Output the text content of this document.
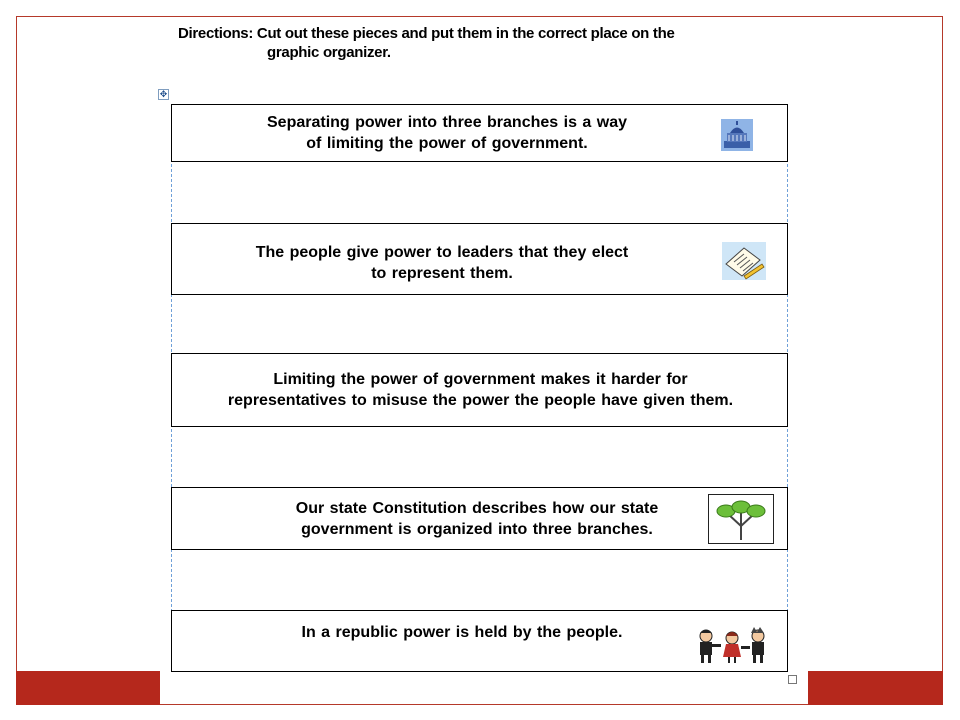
Directions: Cut out these pieces and put them in the correct place on the
graphic organizer.
✥
Separating power into three branches is a way
of limiting the power of government.
The people give power to leaders that they elect
to represent them.
Limiting the power of government makes it harder for
representatives to misuse the power the people have given them.
Our state Constitution describes how our state
government is organized into three branches.
In a republic power is held by the people.
